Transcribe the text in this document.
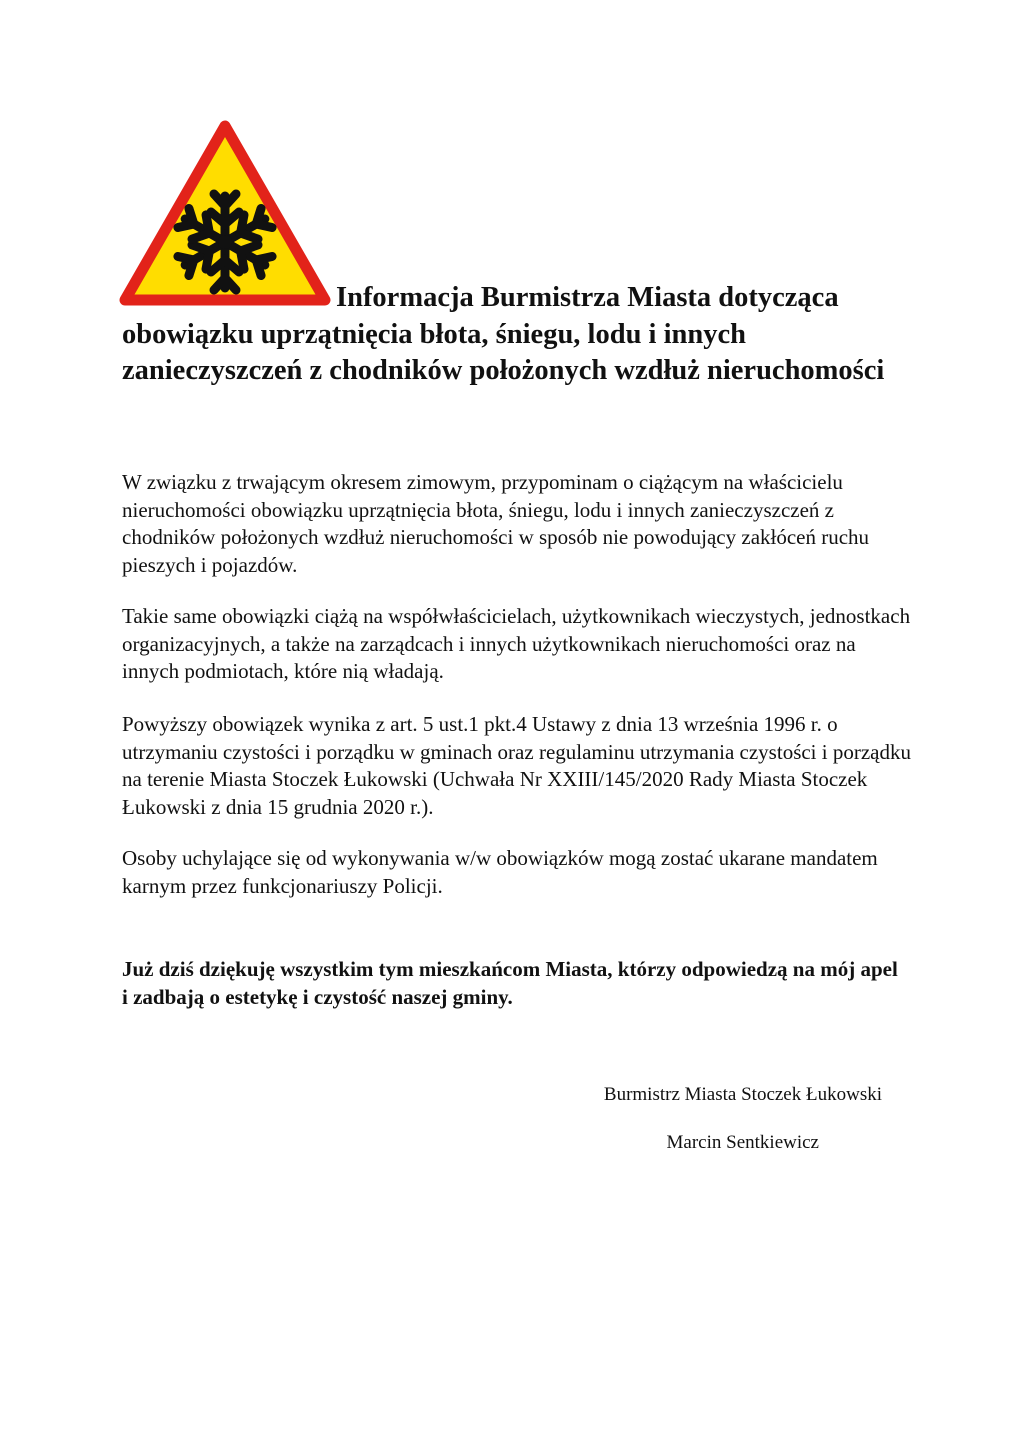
Informacja Burmistrza Miasta dotycząca obowiązku uprzątnięcia błota, śniegu, lodu i innych zanieczyszczeń z chodników położonych wzdłuż nieruchomości

W związku z trwającym okresem zimowym, przypominam o ciążącym na właścicielu nieruchomości obowiązku uprzątnięcia błota, śniegu, lodu i innych zanieczyszczeń z chodników położonych wzdłuż nieruchomości w sposób nie powodujący zakłóceń ruchu pieszych i pojazdów.

Takie same obowiązki ciążą na współwłaścicielach, użytkownikach wieczystych, jednostkach organizacyjnych, a także na zarządcach i innych użytkownikach nieruchomości oraz na innych podmiotach, które nią władają.

Powyższy obowiązek wynika z art. 5 ust.1 pkt.4 Ustawy z dnia 13 września 1996 r. o utrzymaniu czystości i porządku w gminach oraz regulaminu utrzymania czystości i porządku na terenie Miasta Stoczek Łukowski (Uchwała Nr XXIII/145/2020 Rady Miasta Stoczek Łukowski z dnia 15 grudnia 2020 r.).

Osoby uchylające się od wykonywania w/w obowiązków mogą zostać ukarane mandatem karnym przez funkcjonariuszy Policji.

Już dziś dziękuję wszystkim tym mieszkańcom Miasta, którzy odpowiedzą na mój apel i zadbają o estetykę i czystość naszej gminy.

Burmistrz Miasta Stoczek Łukowski

Marcin Sentkiewicz
